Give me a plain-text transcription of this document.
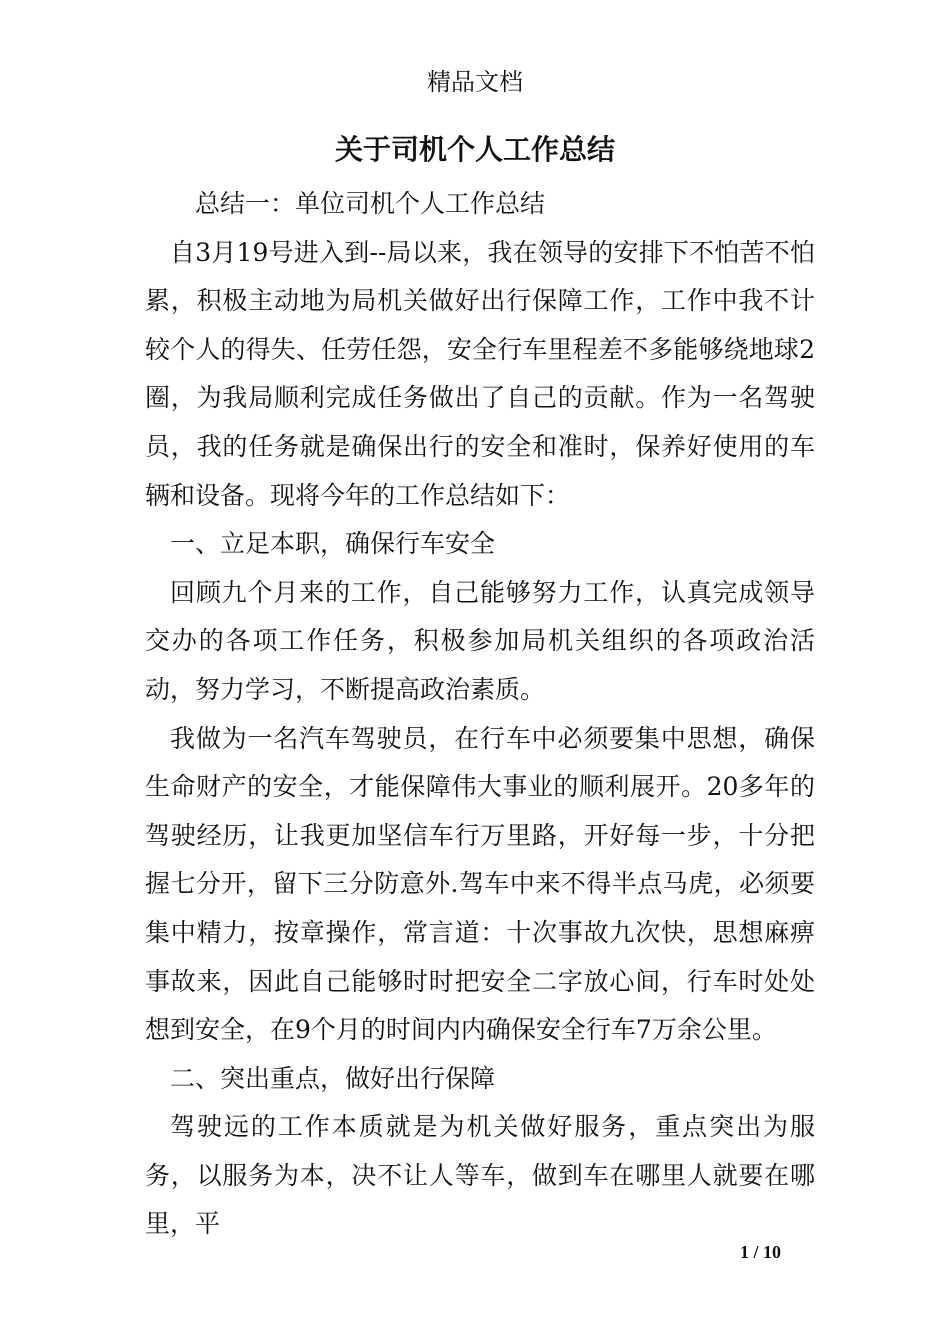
精品文档
关于司机个人工作总结

总结一：单位司机个人工作总结

自3月19号进入到--局以来，我在领导的安排下不怕苦不怕累，积极主动地为局机关做好出行保障工作，工作中我不计较个人的得失、任劳任怨，安全行车里程差不多能够绕地球2圈，为我局顺利完成任务做出了自己的贡献。作为一名驾驶员，我的任务就是确保出行的安全和准时，保养好使用的车辆和设备。现将今年的工作总结如下：

一、立足本职，确保行车安全

回顾九个月来的工作，自己能够努力工作，认真完成领导交办的各项工作任务，积极参加局机关组织的各项政治活动，努力学习，不断提高政治素质。

我做为一名汽车驾驶员，在行车中必须要集中思想，确保生命财产的安全，才能保障伟大事业的顺利展开。20多年的驾驶经历，让我更加坚信车行万里路，开好每一步，十分把握七分开，留下三分防意外.驾车中来不得半点马虎，必须要集中精力，按章操作，常言道：十次事故九次快，思想麻痹事故来，因此自己能够时时把安全二字放心间，行车时处处想到安全，在9个月的时间内内确保安全行车7万余公里。

二、突出重点，做好出行保障

驾驶远的工作本质就是为机关做好服务，重点突出为服务，以服务为本，决不让人等车，做到车在哪里人就要在哪里，平

1 / 10
